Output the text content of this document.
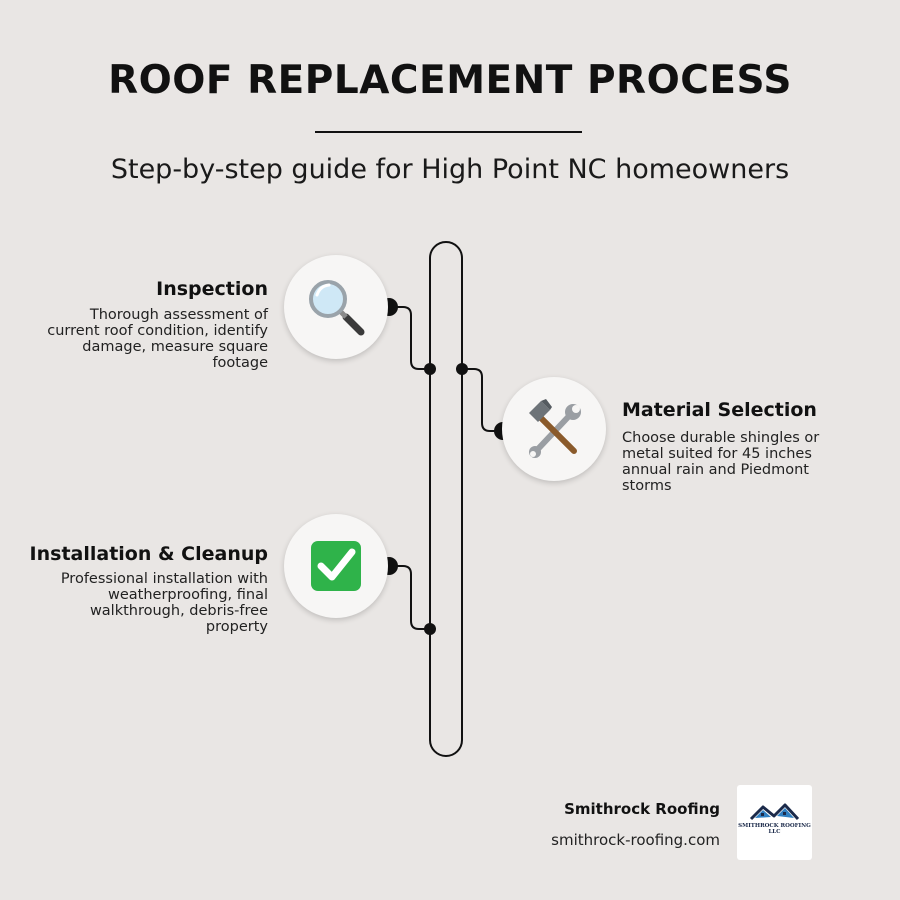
ROOF REPLACEMENT PROCESS
Step-by-step guide for High Point NC homeowners
Inspection
Thorough assessment of current roof condition, identify damage, measure square footage
Material Selection
Choose durable shingles or metal suited for 45 inches annual rain and Piedmont storms
Installation & Cleanup
Professional installation with weatherproofing, final walkthrough, debris-free property
Smithrock Roofing
smithrock-roofing.com
SMITHROCK ROOFING
LLC
